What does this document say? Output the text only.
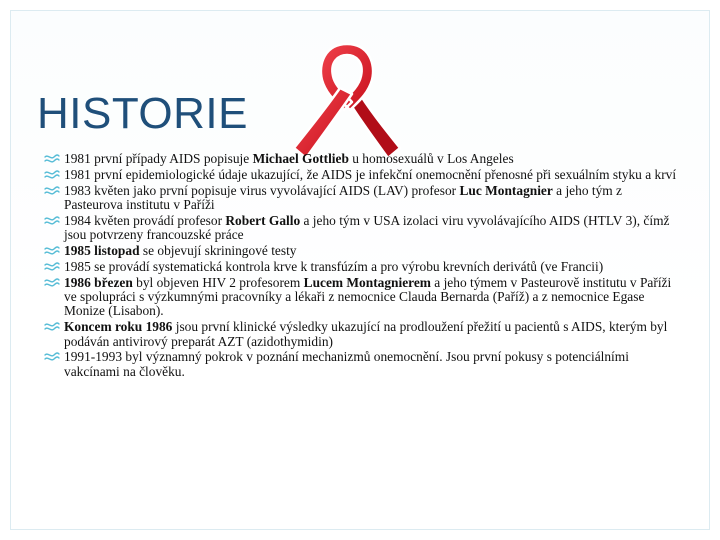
HISTORIE
1981 první případy AIDS popisuje Michael Gottlieb u homosexuálů v Los Angeles
1981 první epidemiologické údaje ukazující, že AIDS je infekční onemocnění přenosné při sexuálním styku a krví
1983 květen jako první popisuje virus vyvolávající AIDS (LAV) profesor Luc Montagnier a jeho tým z Pasteurova institutu v Paříži
1984 květen provádí profesor Robert Gallo a jeho tým v USA izolaci viru vyvolávajícího AIDS (HTLV 3), čímž jsou potvrzeny francouzské práce
1985 listopad se objevují skriningové testy
1985 se provádí systematická kontrola krve k transfúzím a pro výrobu krevních derivátů (ve Francii)
1986 březen byl objeven HIV 2 profesorem Lucem Montagnierem a jeho týmem v Pasteurově institutu v Paříži ve spolupráci s výzkumnými pracovníky a lékaři z nemocnice Clauda Bernarda (Paříž) a z nemocnice Egase Monize (Lisabon).
Koncem roku 1986 jsou první klinické výsledky ukazující na prodloužení přežití u pacientů s AIDS, kterým byl podáván antivirový preparát AZT (azidothymidin)
1991-1993 byl významný pokrok v poznání mechanizmů onemocnění. Jsou první pokusy s potenciálními vakcínami na člověku.
